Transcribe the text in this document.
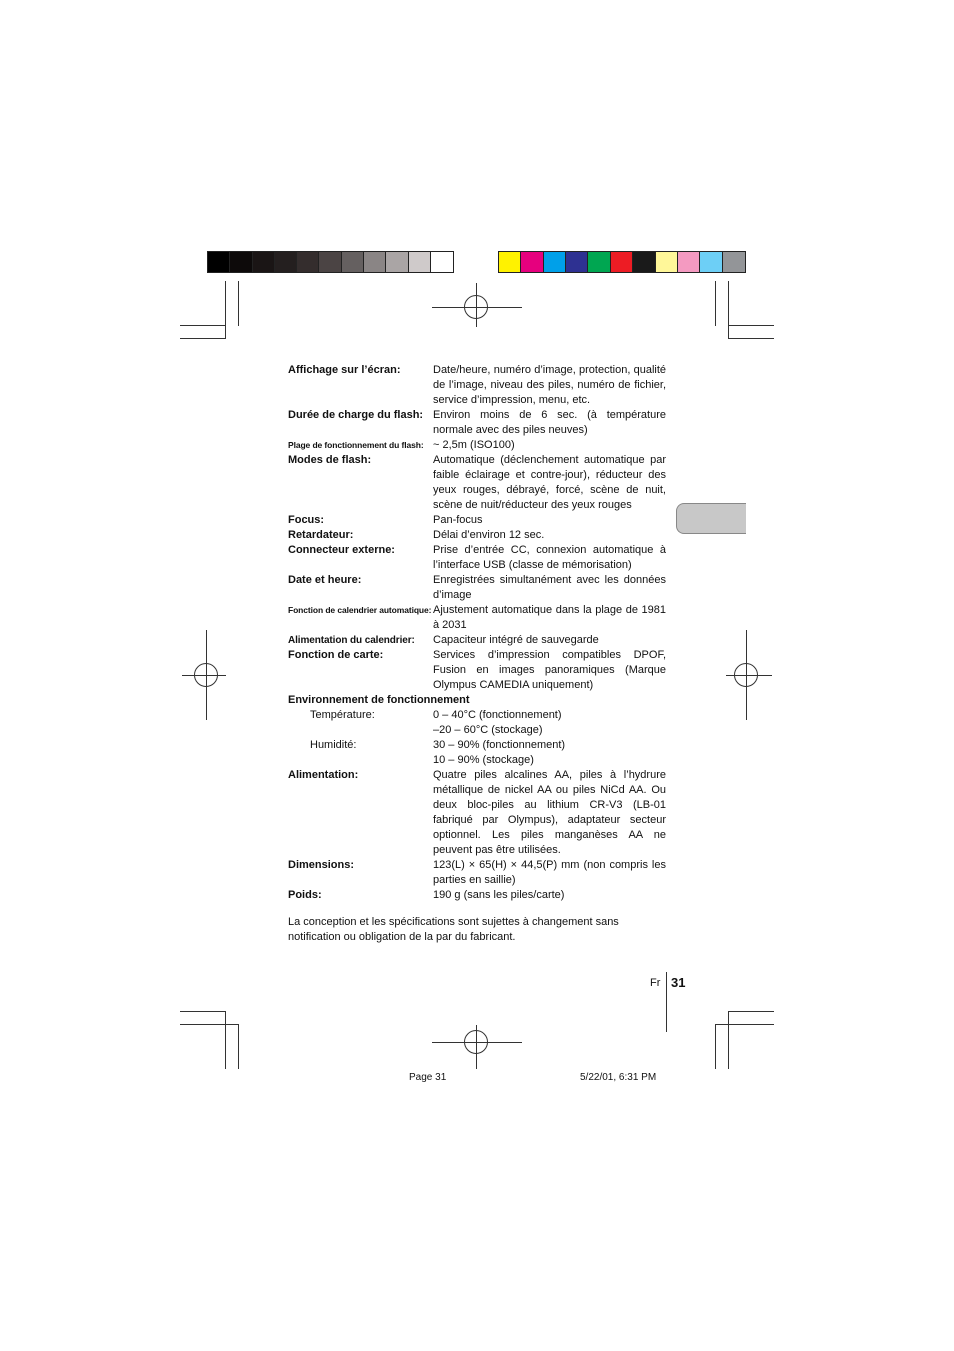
Affichage sur l’écran:	Date/heure, numéro d’image, protection, qualité de l’image, niveau des piles, numéro de fichier, service d’impression, menu, etc.
Durée de charge du flash: Environ moins de 6 sec. (à température normale avec des piles neuves)
Plage de fonctionnement du flash: ~ 2,5m (ISO100)
Modes de flash:	Automatique (déclenchement automatique par faible éclairage et contre-jour), réducteur des yeux rouges, débrayé, forcé, scène de nuit, scène de nuit/réducteur des yeux rouges
Focus:	Pan-focus
Retardateur:	Délai d’environ 12 sec.
Connecteur externe:	Prise d’entrée CC, connexion automatique à l’interface USB (classe de mémorisation)
Date et heure:	Enregistrées simultanément avec les données d’image
Fonction de calendrier automatique: Ajustement automatique dans la plage de 1981 à 2031
Alimentation du calendrier:	Capaciteur intégré de sauvegarde
Fonction de carte:	Services d’impression compatibles DPOF, Fusion en images panoramiques (Marque Olympus CAMEDIA uniquement)
Environnement de fonctionnement
Température:	0 – 40°C (fonctionnement)
–20 – 60°C (stockage)
Humidité:	30 – 90% (fonctionnement)
10 – 90% (stockage)
Alimentation:	Quatre piles alcalines AA, piles à l’hydrure métallique de nickel AA ou piles NiCd AA. Ou deux bloc-piles au lithium CR-V3 (LB-01 fabriqué par Olympus), adaptateur secteur optionnel. Les piles manganèses AA ne peuvent pas être utilisées.
Dimensions:	123(L) × 65(H) × 44,5(P) mm (non compris les parties en saillie)
Poids:	190 g (sans les piles/carte)
La conception et les spécifications sont sujettes à changement sans notification ou obligation de la par du fabricant.
Fr 31
Page 31	5/22/01, 6:31 PM
